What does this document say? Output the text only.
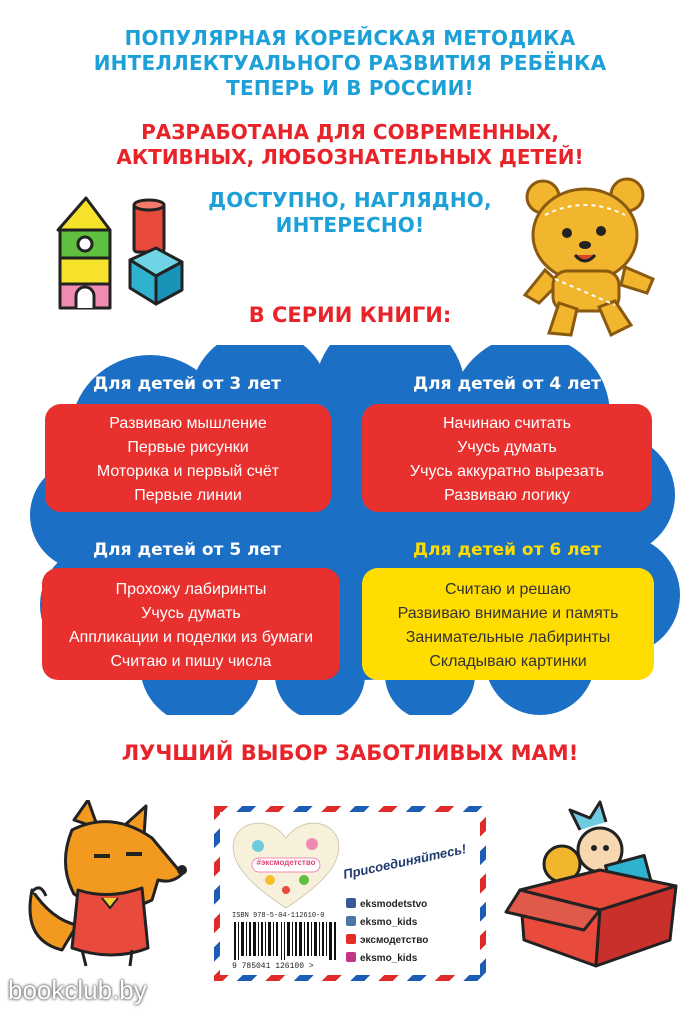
ПОПУЛЯРНАЯ КОРЕЙСКАЯ МЕТОДИКА
ИНТЕЛЛЕКТУАЛЬНОГО РАЗВИТИЯ РЕБЁНКА
ТЕПЕРЬ И В РОССИИ!
РАЗРАБОТАНА ДЛЯ СОВРЕМЕННЫХ,
АКТИВНЫХ, ЛЮБОЗНАТЕЛЬНЫХ ДЕТЕЙ!
ДОСТУПНО, НАГЛЯДНО,
ИНТЕРЕСНО!
В СЕРИИ КНИГИ:
Для детей от 3 лет	Для детей от 4 лет
Для детей от 5 лет	Для детей от 6 лет
Развиваю мышление
Первые рисунки
Моторика и первый счёт
Первые линии
Начинаю считать
Учусь думать
Учусь аккуратно вырезать
Развиваю логику
Прохожу лабиринты
Учусь думать
Аппликации и поделки из бумаги
Считаю и пишу числа
Считаю и решаю
Развиваю внимание и память
Занимательные лабиринты
Складываю картинки
ЛУЧШИЙ ВЫБОР ЗАБОТЛИВЫХ МАМ!
#эксмодетство	Присоединяйтесь!
ISBN 978-5-04-112610-0
9 785041 126100 >
eksmodetstvo
eksmo_kids
эксмодетство
eksmo_kids
bookclub.by
